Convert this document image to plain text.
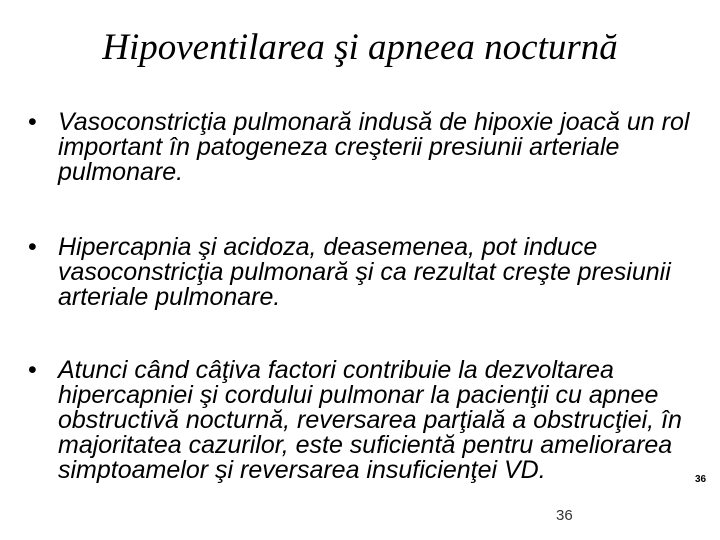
Hipoventilarea şi apneea nocturnă
• Vasoconstricţia pulmonară indusă de hipoxie joacă un rol important în patogeneza creşterii presiunii arteriale pulmonare.
• Hipercapnia şi acidoza, deasemenea, pot induce vasoconstricţia pulmonară şi ca rezultat creşte presiunii arteriale pulmonare.
• Atunci când câţiva factori contribuie la dezvoltarea hipercapniei şi cordului pulmonar la pacienţii cu apnee obstructivă nocturnă, reversarea parţială a obstrucţiei, în majoritatea cazurilor, este suficientă pentru ameliorarea simptoamelor şi reversarea insuficienţei VD.
36
36
